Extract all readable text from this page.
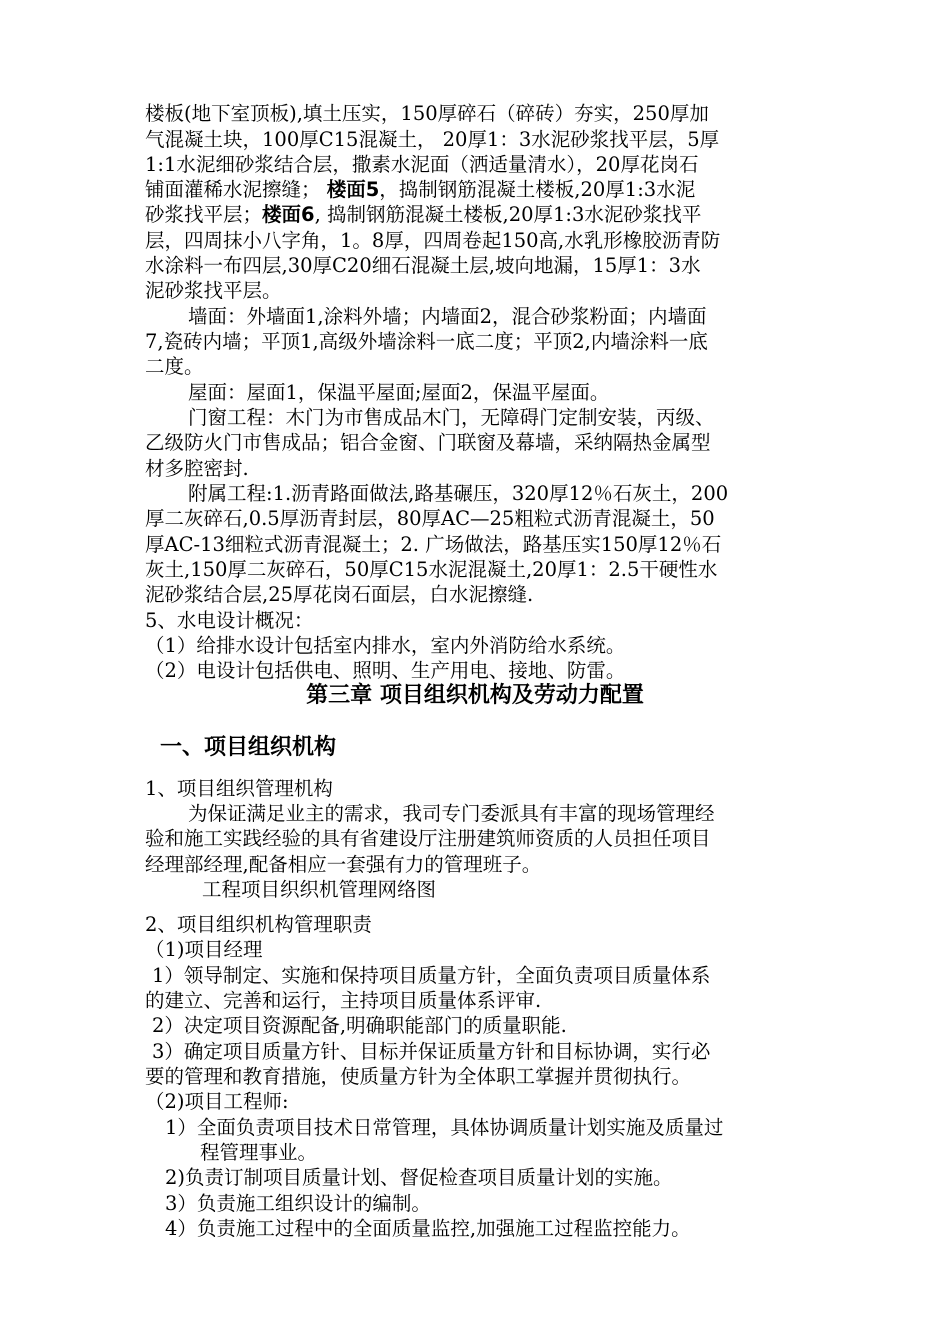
楼板(地下室顶板),填土压实，150厚碎石（碎砖）夯实，250厚加
气混凝土块，100厚C15混凝土， 20厚1：3水泥砂浆找平层，5厚
1:1水泥细砂浆结合层，撒素水泥面（洒适量清水），20厚花岗石
铺面灌稀水泥擦缝； 楼面5，捣制钢筋混凝土楼板,20厚1:3水泥
砂浆找平层；楼面6, 捣制钢筋混凝土楼板,20厚1:3水泥砂浆找平
层，四周抹小八字角，1。8厚，四周卷起150高,水乳形橡胶沥青防
水涂料一布四层,30厚C20细石混凝土层,坡向地漏，15厚1：3水
泥砂浆找平层。
墙面：外墙面1,涂料外墙；内墙面2，混合砂浆粉面；内墙面
7,瓷砖内墙；平顶1,高级外墙涂料一底二度；平顶2,内墙涂料一底
二度。
屋面：屋面1，保温平屋面;屋面2，保温平屋面。
门窗工程：木门为市售成品木门，无障碍门定制安装，丙级、
乙级防火门市售成品；铝合金窗、门联窗及幕墙，采纳隔热金属型
材多腔密封.
附属工程:1.沥青路面做法,路基碾压，320厚12％石灰土，200
厚二灰碎石,0.5厚沥青封层，80厚AC—25粗粒式沥青混凝土，50
厚AC-13细粒式沥青混凝土；2. 广场做法，路基压实150厚12％石
灰土,150厚二灰碎石，50厚C15水泥混凝土,20厚1：2.5干硬性水
泥砂浆结合层,25厚花岗石面层，白水泥擦缝.
5、水电设计概况：
（1）给排水设计包括室内排水，室内外消防给水系统。
（2）电设计包括供电、照明、生产用电、接地、防雷。
第三章 项目组织机构及劳动力配置
一、项目组织机构
1、项目组织管理机构
为保证满足业主的需求，我司专门委派具有丰富的现场管理经
验和施工实践经验的具有省建设厅注册建筑师资质的人员担任项目
经理部经理,配备相应一套强有力的管理班子。
工程项目织织机管理网络图
2、项目组织机构管理职责
（1)项目经理
1）领导制定、实施和保持项目质量方针，全面负责项目质量体系
的建立、完善和运行，主持项目质量体系评审.
2）决定项目资源配备,明确职能部门的质量职能.
3）确定项目质量方针、目标并保证质量方针和目标协调，实行必
要的管理和教育措施，使质量方针为全体职工掌握并贯彻执行。
（2)项目工程师:
1）全面负责项目技术日常管理，具体协调质量计划实施及质量过
程管理事业。
2)负责订制项目质量计划、督促检查项目质量计划的实施。
3）负责施工组织设计的编制。
4）负责施工过程中的全面质量监控,加强施工过程监控能力。
